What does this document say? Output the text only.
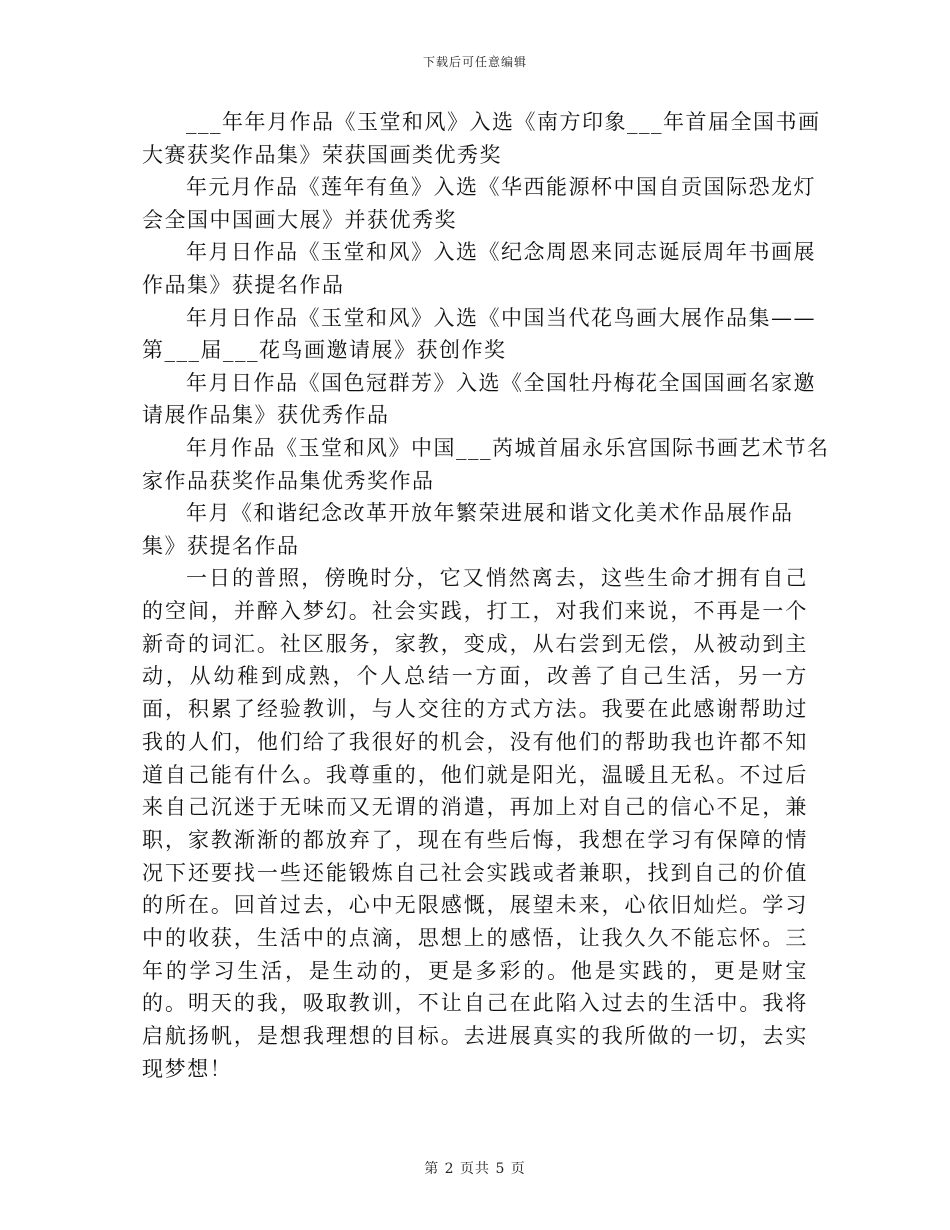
下载后可任意编辑
___年年月作品《玉堂和风》入选《南方印象___年首届全国书画
大赛获奖作品集》荣获国画类优秀奖
年元月作品《莲年有鱼》入选《华西能源杯中国自贡国际恐龙灯
会全国中国画大展》并获优秀奖
年月日作品《玉堂和风》入选《纪念周恩来同志诞辰周年书画展
作品集》获提名作品
年月日作品《玉堂和风》入选《中国当代花鸟画大展作品集——
第___届___花鸟画邀请展》获创作奖
年月日作品《国色冠群芳》入选《全国牡丹梅花全国国画名家邀
请展作品集》获优秀作品
年月作品《玉堂和风》中国___芮城首届永乐宫国际书画艺术节名
家作品获奖作品集优秀奖作品
年月《和谐纪念改革开放年繁荣进展和谐文化美术作品展作品
集》获提名作品

一日的普照，傍晚时分，它又悄然离去，这些生命才拥有自己的空间，并醉入梦幻。社会实践，打工，对我们来说，不再是一个新奇的词汇。社区服务，家教，变成，从右尝到无偿，从被动到主动，从幼稚到成熟，个人总结一方面，改善了自己生活，另一方面，积累了经验教训，与人交往的方式方法。我要在此感谢帮助过我的人们，他们给了我很好的机会，没有他们的帮助我也许都不知道自己能有什么。我尊重的，他们就是阳光，温暖且无私。不过后来自己沉迷于无味而又无谓的消遣，再加上对自己的信心不足，兼职，家教渐渐的都放弃了，现在有些后悔，我想在学习有保障的情况下还要找一些还能锻炼自己社会实践或者兼职，找到自己的价值的所在。回首过去，心中无限感慨，展望未来，心依旧灿烂。学习中的收获，生活中的点滴，思想上的感悟，让我久久不能忘怀。三年的学习生活，是生动的，更是多彩的。他是实践的，更是财宝的。明天的我，吸取教训，不让自己在此陷入过去的生活中。我将启航扬帆，是想我理想的目标。去进展真实的我所做的一切，去实现梦想！

第 2 页共 5 页
